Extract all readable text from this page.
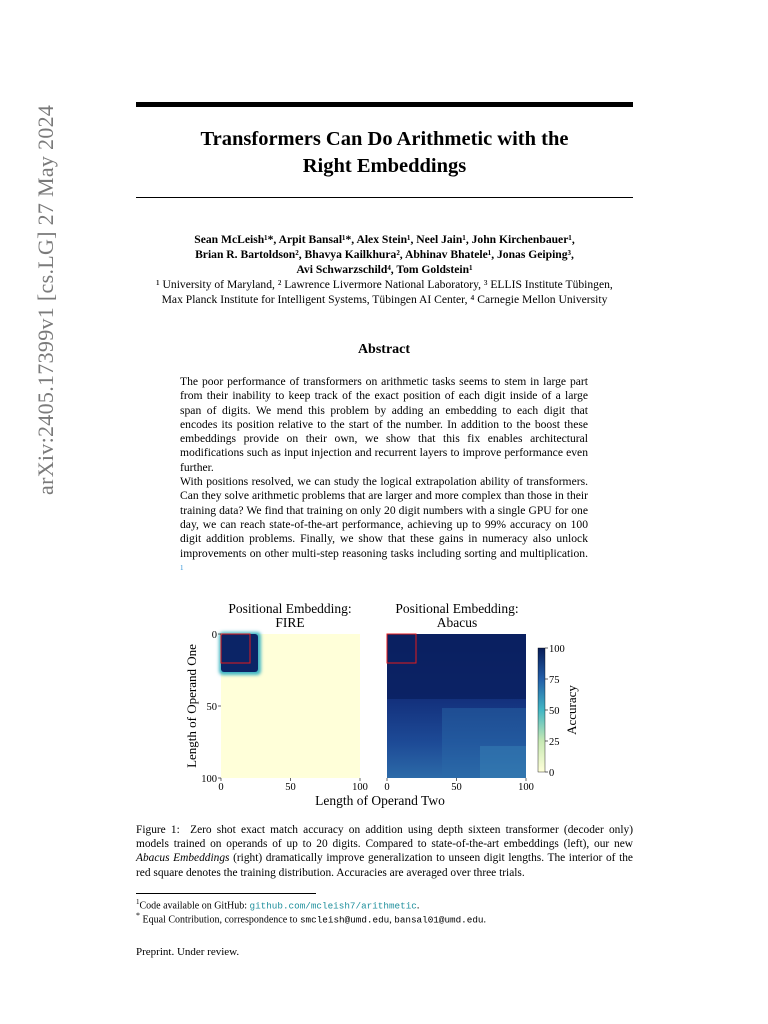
arXiv:2405.17399v1 [cs.LG] 27 May 2024	Transformers Can Do Arithmetic with the
Right Embeddings
Sean McLeish¹*, Arpit Bansal¹*, Alex Stein¹, Neel Jain¹, John Kirchenbauer¹,
Brian R. Bartoldson², Bhavya Kailkhura², Abhinav Bhatele¹, Jonas Geiping³,
Avi Schwarzschild⁴, Tom Goldstein¹
¹ University of Maryland, ² Lawrence Livermore National Laboratory, ³ ELLIS Institute Tübingen,
Max Planck Institute for Intelligent Systems, Tübingen AI Center, ⁴ Carnegie Mellon University
Abstract

The poor performance of transformers on arithmetic tasks seems to stem in large part from their inability to keep track of the exact position of each digit inside of a large span of digits. We mend this problem by adding an embedding to each digit that encodes its position relative to the start of the number. In addition to the boost these embeddings provide on their own, we show that this fix enables architectural modifications such as input injection and recurrent layers to improve performance even further.

With positions resolved, we can study the logical extrapolation ability of transformers. Can they solve arithmetic problems that are larger and more complex than those in their training data? We find that training on only 20 digit numbers with a single GPU for one day, we can reach state-of-the-art performance, achieving up to 99% accuracy on 100 digit addition problems. Finally, we show that these gains in numeracy also unlock improvements on other multi-step reasoning tasks including sorting and multiplication. $^1$

Positional Embedding:
FIRE
Positional Embedding:
Abacus
0
25
50
75
100
Accuracy
0
50
100
0	50	100 0	50	100
Length of Operand One
Length of Operand Two
Figure 1: Zero shot exact match accuracy on addition using depth sixteen transformer (decoder only) models trained on operands of up to 20 digits. Compared to state-of-the-art embeddings (left), our new Abacus Embeddings (right) dramatically improve generalization to unseen digit lengths. The interior of the red square denotes the training distribution. Accuracies are averaged over three trials.
$^1$Code available on GitHub: github.com/mcleish7/arithmetic.
* Equal Contribution, correspondence to smcleish@umd.edu, bansal01@umd.edu.
Preprint. Under review.
